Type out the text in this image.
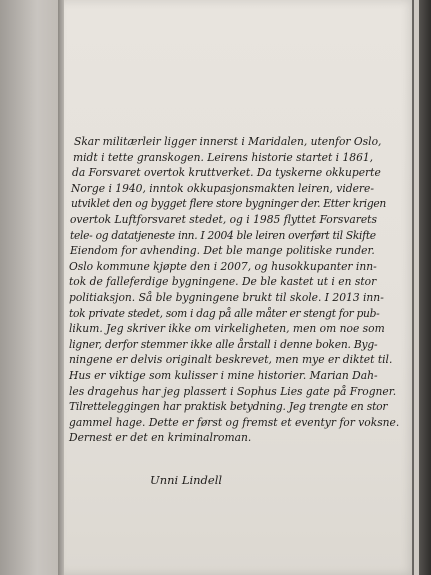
Skar militærleir ligger innerst i Maridalen, utenfor Oslo,
midt i tette granskogen. Leirens historie startet i 1861,
da Forsvaret overtok kruttverket. Da tyskerne okkuperte
Norge i 1940, inntok okkupasjonsmakten leiren, videre-
utviklet den og bygget flere store bygninger der. Etter krigen
overtok Luftforsvaret stedet, og i 1985 flyttet Forsvarets
tele- og datatjeneste inn. I 2004 ble leiren overført til Skifte
Eiendom for avhending. Det ble mange politiske runder.
Oslo kommune kjøpte den i 2007, og husokkupanter inn-
tok de falleferdige bygningene. De ble kastet ut i en stor
politiaksjon. Så ble bygningene brukt til skole. I 2013 inn-
tok private stedet, som i dag på alle måter er stengt for pub-
likum. Jeg skriver ikke om virkeligheten, men om noe som
ligner, derfor stemmer ikke alle årstall i denne boken. Byg-
ningene er delvis originalt beskrevet, men mye er diktet til.
Hus er viktige som kulisser i mine historier. Marian Dah-
les dragehus har jeg plassert i Sophus Lies gate på Frogner.
Tilretteleggingen har praktisk betydning. Jeg trengte en stor
gammel hage. Dette er først og fremst et eventyr for voksne.
Dernest er det en kriminalroman.
Unni Lindell
